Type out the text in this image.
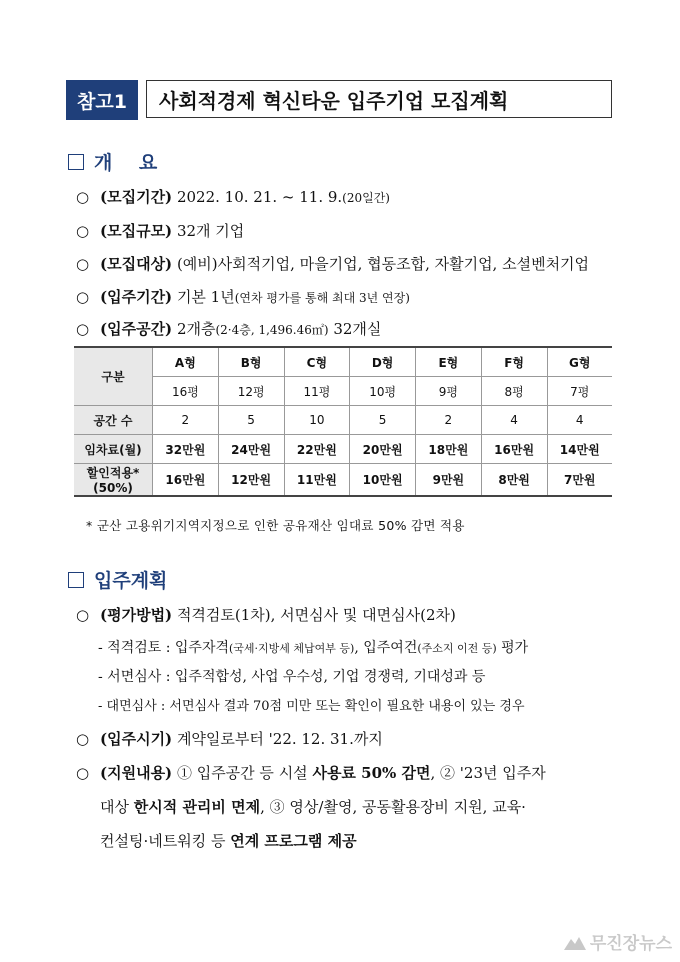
참고1	사회적경제 혁신타운 입주기업 모집계획
개    요
○ (모집기간) 2022. 10. 21. ~ 11. 9.(20일간)
○ (모집규모) 32개 기업
○ (모집대상) (예비)사회적기업, 마을기업, 협동조합, 자활기업, 소셜벤처기업
○ (입주기간) 기본 1년(연차 평가를 통해 최대 3년 연장)
○ (입주공간) 2개층(2·4층, 1,496.46㎡) 32개실
구분	A형	B형	C형	D형	E형	F형	G형
	16평	12평	11평	10평	9평	8평	7평
공간 수	2	5	10	5	2	4	4
임차료(월)	32만원	24만원	22만원	20만원	18만원	16만원	14만원
할인적용*
(50%)	16만원	12만원	11만원	10만원	9만원	8만원	7만원
* 군산 고용위기지역지정으로 인한 공유재산 임대료 50% 감면 적용
입주계획
○ (평가방법) 적격검토(1차), 서면심사 및 대면심사(2차)
- 적격검토 : 입주자격(국세·지방세 체납여부 등), 입주여건(주소지 이전 등) 평가
- 서면심사 : 입주적합성, 사업 우수성, 기업 경쟁력, 기대성과 등
- 대면심사 : 서면심사 결과 70점 미만 또는 확인이 필요한 내용이 있는 경우
○ (입주시기) 계약일로부터 '22. 12. 31.까지
○ (지원내용) ① 입주공간 등 시설 사용료 50% 감면, ② '23년 입주자
대상 한시적 관리비 면제, ③ 영상/촬영, 공동활용장비 지원, 교육·
컨설팅·네트워킹 등 연계 프로그램 제공
무진장뉴스
